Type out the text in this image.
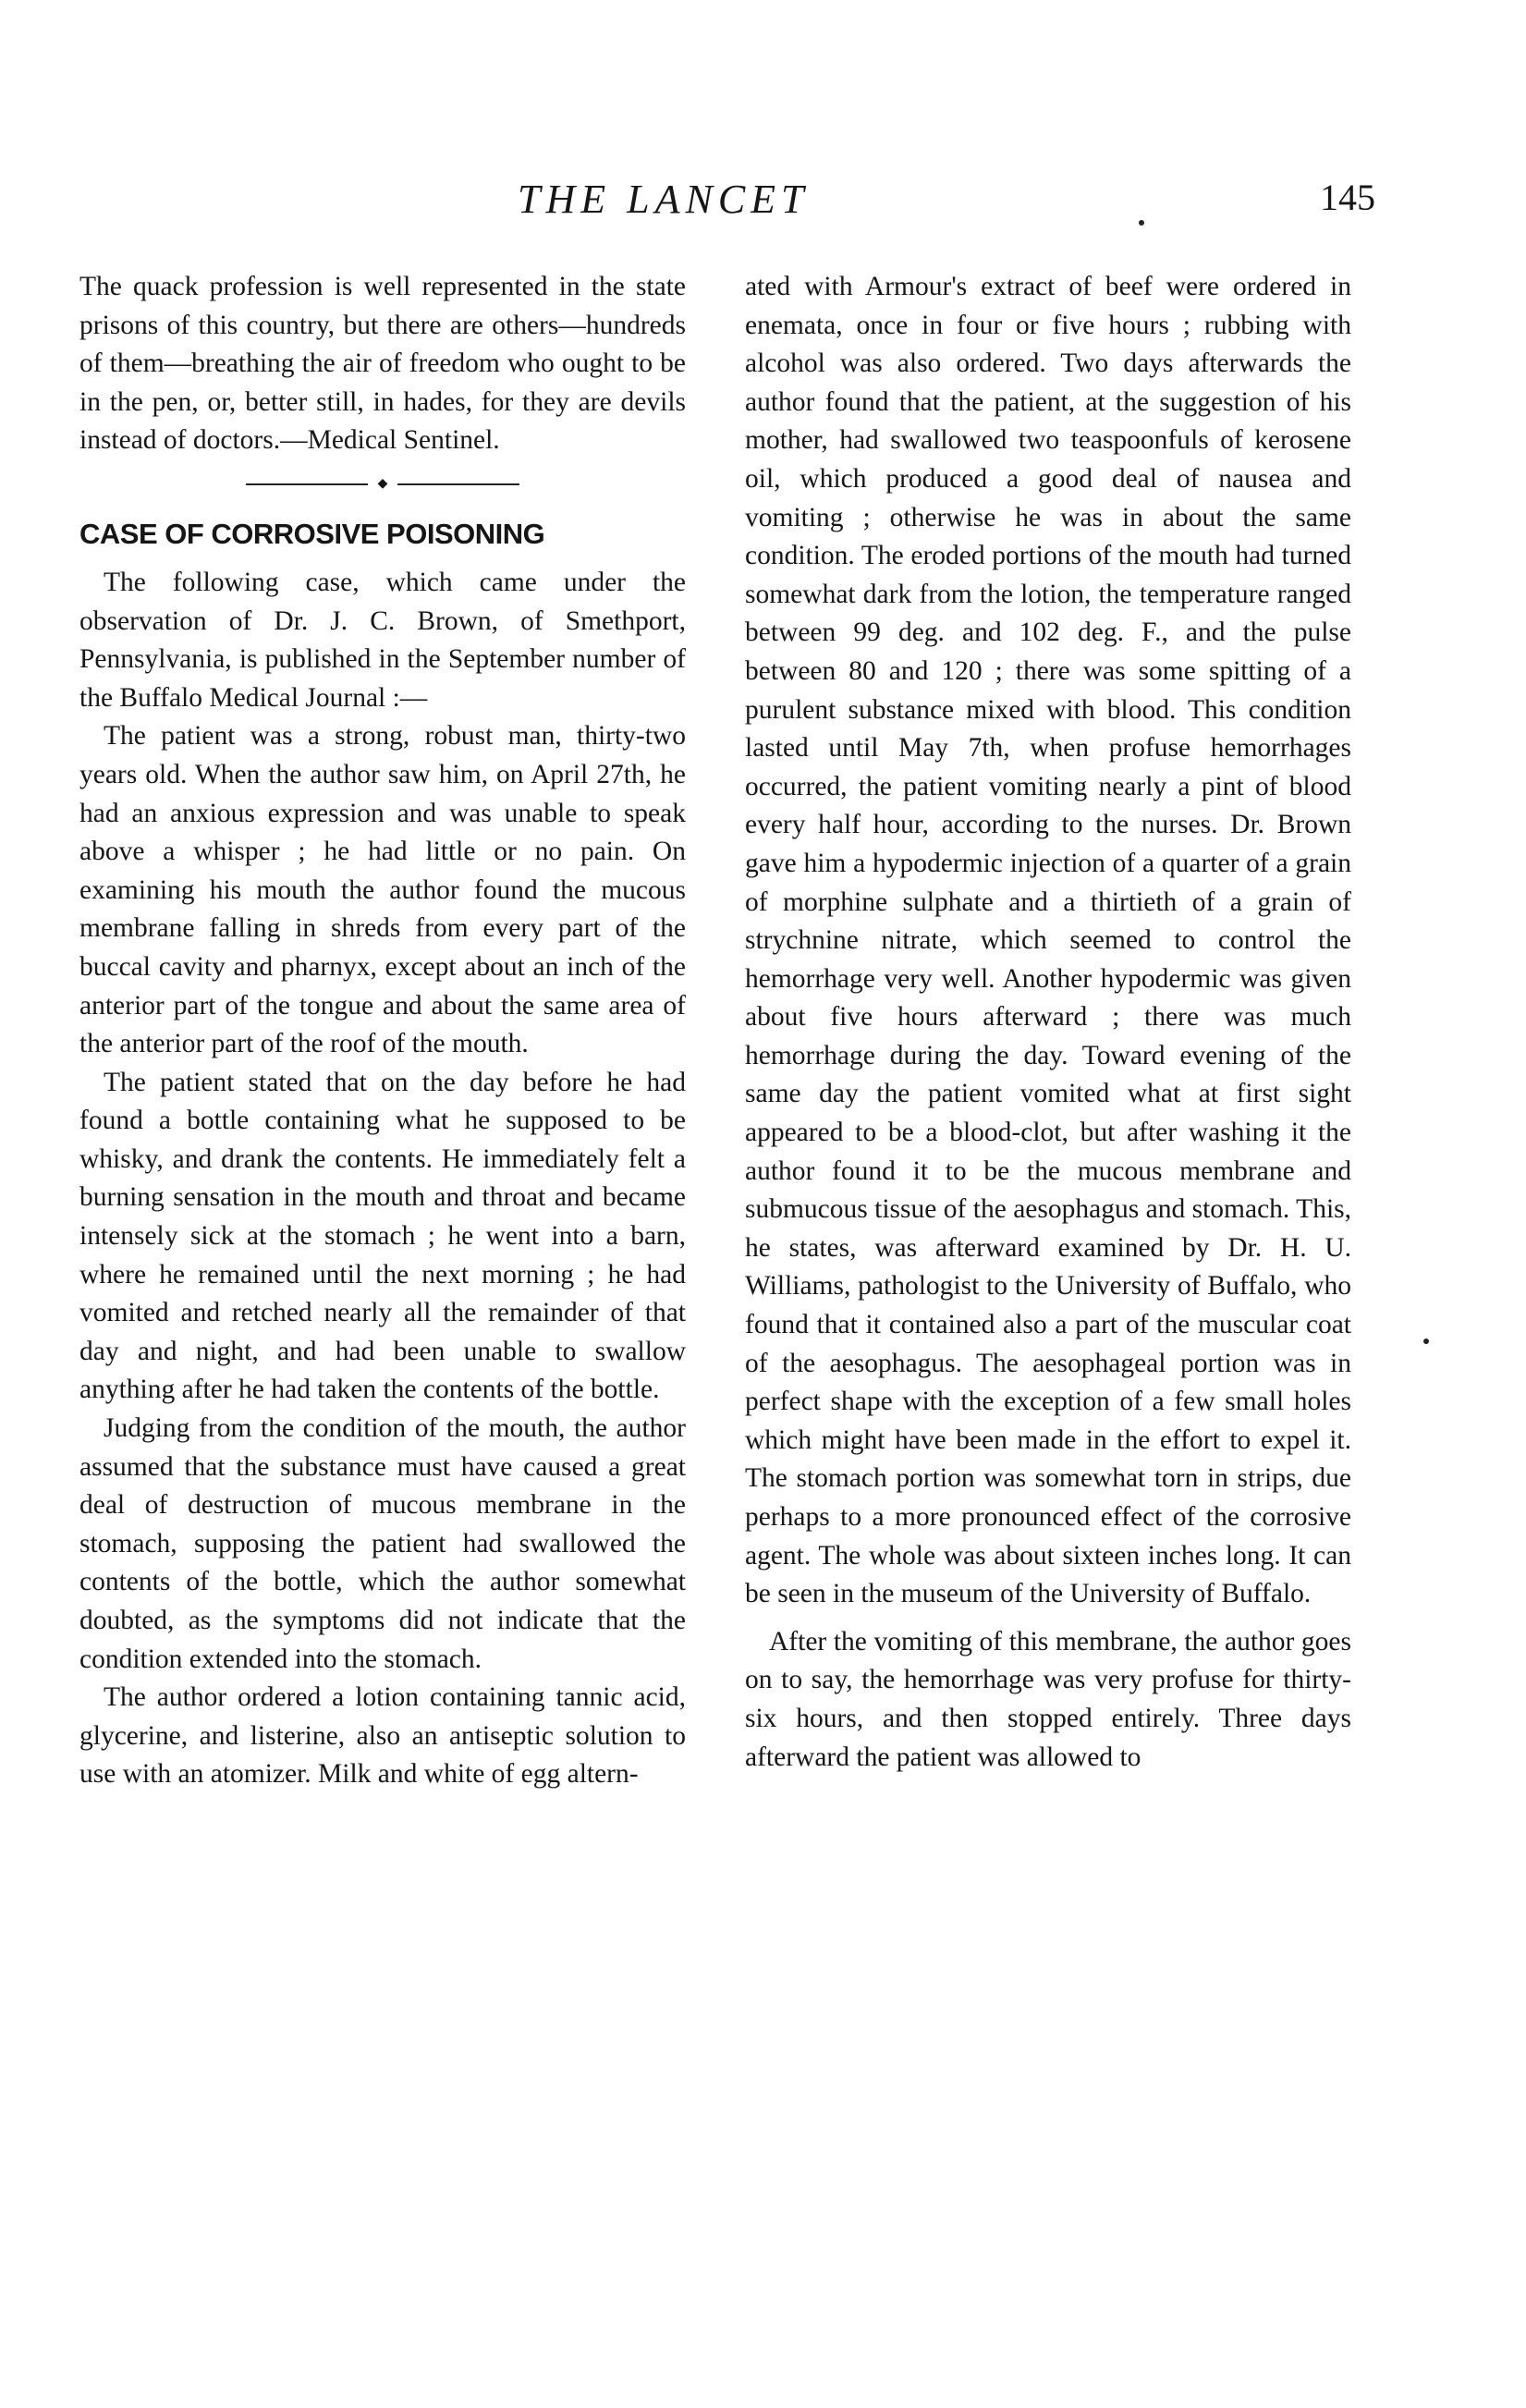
THE LANCET	145

The quack profession is well represented in the state prisons of this country, but there are others—hundreds of them—breathing the air of freedom who ought to be in the pen, or, better still, in hades, for they are devils instead of doctors.—Medical Sentinel.

◆
CASE OF CORROSIVE POISONING

The following case, which came under the observation of Dr. J. C. Brown, of Smethport, Pennsylvania, is published in the September number of the Buffalo Medical Journal :—

The patient was a strong, robust man, thirty-two years old. When the author saw him, on April 27th, he had an anxious expression and was unable to speak above a whisper ; he had little or no pain. On examining his mouth the author found the mucous membrane falling in shreds from every part of the buccal cavity and pharnyx, except about an inch of the anterior part of the tongue and about the same area of the anterior part of the roof of the mouth.

The patient stated that on the day before he had found a bottle containing what he supposed to be whisky, and drank the contents. He immediately felt a burning sensation in the mouth and throat and became intensely sick at the stomach ; he went into a barn, where he remained until the next morning ; he had vomited and retched nearly all the remainder of that day and night, and had been unable to swallow anything after he had taken the contents of the bottle.

Judging from the condition of the mouth, the author assumed that the substance must have caused a great deal of destruction of mucous membrane in the stomach, supposing the patient had swallowed the contents of the bottle, which the author somewhat doubted, as the symptoms did not indicate that the condition extended into the stomach.

The author ordered a lotion containing tannic acid, glycerine, and listerine, also an antiseptic solution to use with an atomizer. Milk and white of egg altern-

ated with Armour's extract of beef were ordered in enemata, once in four or five hours ; rubbing with alcohol was also ordered. Two days afterwards the author found that the patient, at the suggestion of his mother, had swallowed two teaspoonfuls of kerosene oil, which produced a good deal of nausea and vomiting ; otherwise he was in about the same condition. The eroded portions of the mouth had turned somewhat dark from the lotion, the temperature ranged between 99 deg. and 102 deg. F., and the pulse between 80 and 120 ; there was some spitting of a purulent substance mixed with blood. This condition lasted until May 7th, when profuse hemorrhages occurred, the patient vomiting nearly a pint of blood every half hour, according to the nurses. Dr. Brown gave him a hypodermic injection of a quarter of a grain of morphine sulphate and a thirtieth of a grain of strychnine nitrate, which seemed to control the hemorrhage very well. Another hypodermic was given about five hours afterward ; there was much hemorrhage during the day. Toward evening of the same day the patient vomited what at first sight appeared to be a blood-clot, but after washing it the author found it to be the mucous membrane and submucous tissue of the aesophagus and stomach. This, he states, was afterward examined by Dr. H. U. Williams, pathologist to the University of Buffalo, who found that it contained also a part of the muscular coat of the aesophagus. The aesophageal portion was in perfect shape with the exception of a few small holes which might have been made in the effort to expel it. The stomach portion was somewhat torn in strips, due perhaps to a more pronounced effect of the corrosive agent. The whole was about sixteen inches long. It can be seen in the museum of the University of Buffalo.

After the vomiting of this membrane, the author goes on to say, the hemorrhage was very profuse for thirty-six hours, and then stopped entirely. Three days afterward the patient was allowed to
